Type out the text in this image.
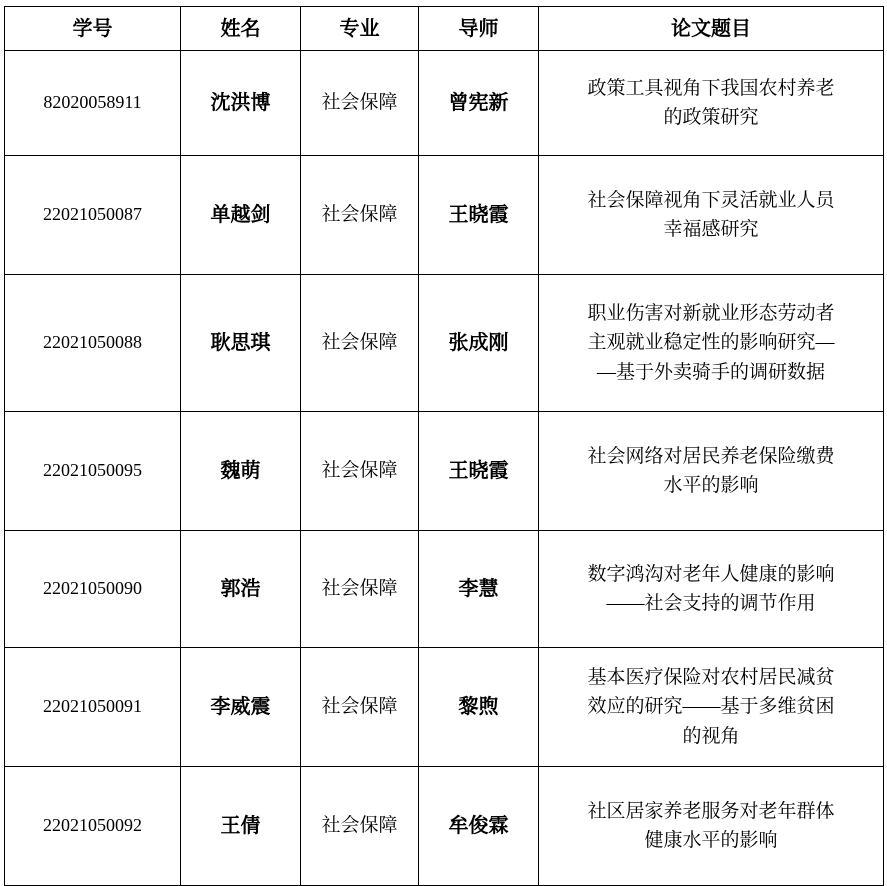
学号	姓名	专业	导师	论文题目
82020058911	沈洪博	社会保障	曾宪新	政策工具视角下我国农村养老
的政策研究

22021050087	单越剑	社会保障	王晓霞	社会保障视角下灵活就业人员
幸福感研究

22021050088	耿思琪	社会保障	张成刚	职业伤害对新就业形态劳动者
主观就业稳定性的影响研究—
—基于外卖骑手的调研数据

22021050095	魏萌	社会保障	王晓霞	社会网络对居民养老保险缴费
水平的影响

22021050090	郭浩	社会保障	李慧	数字鸿沟对老年人健康的影响
——社会支持的调节作用

22021050091	李威震	社会保障	黎煦	基本医疗保险对农村居民减贫
效应的研究——基于多维贫困
的视角

22021050092	王倩	社会保障	牟俊霖	社区居家养老服务对老年群体
健康水平的影响
